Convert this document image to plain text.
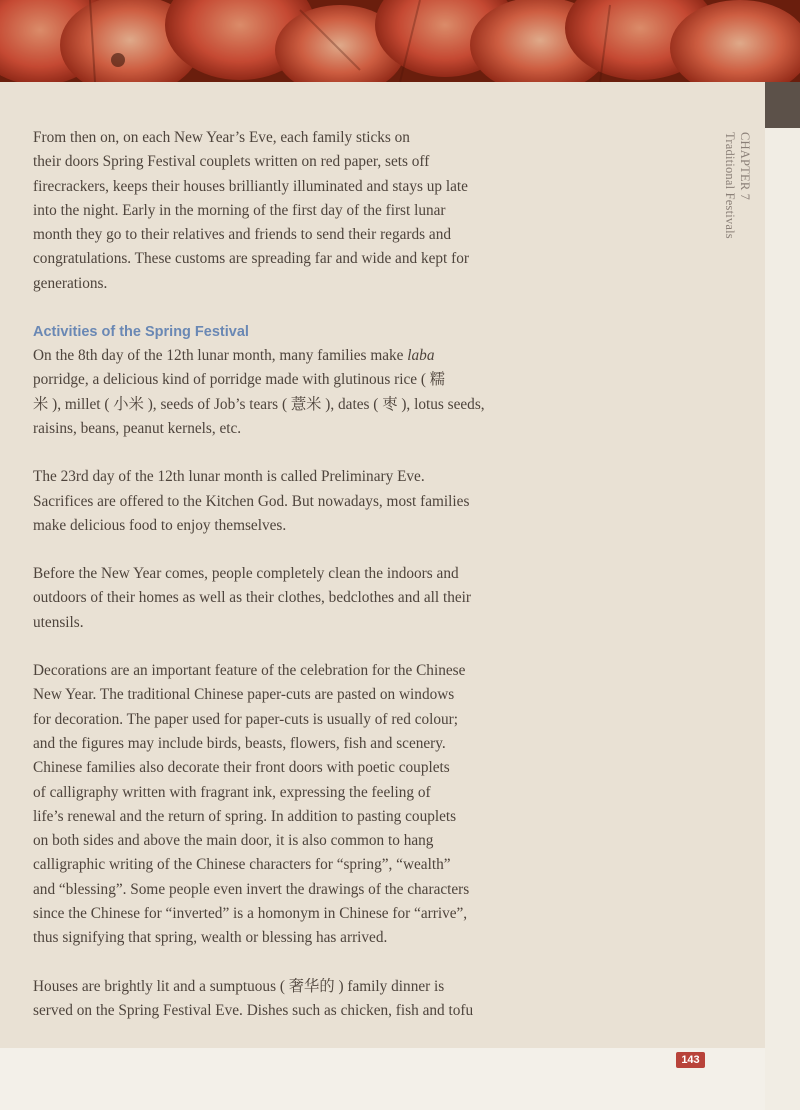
CHAPTER 7
Traditional Festivals

From then on, on each New Year’s Eve, each family sticks on
their doors Spring Festival couplets written on red paper, sets off
firecrackers, keeps their houses brilliantly illuminated and stays up late
into the night. Early in the morning of the first day of the first lunar
month they go to their relatives and friends to send their regards and
congratulations. These customs are spreading far and wide and kept for
generations.

Activities of the Spring Festival

On the 8th day of the 12th lunar month, many families make laba
porridge, a delicious kind of porridge made with glutinous rice ( 糯
米 ), millet ( 小米 ), seeds of Job’s tears ( 薏米 ), dates ( 枣 ), lotus seeds,
raisins, beans, peanut kernels, etc.

The 23rd day of the 12th lunar month is called Preliminary Eve.
Sacrifices are offered to the Kitchen God. But nowadays, most families
make delicious food to enjoy themselves.

Before the New Year comes, people completely clean the indoors and
outdoors of their homes as well as their clothes, bedclothes and all their
utensils.

Decorations are an important feature of the celebration for the Chinese
New Year. The traditional Chinese paper-cuts are pasted on windows
for decoration. The paper used for paper-cuts is usually of red colour;
and the figures may include birds, beasts, flowers, fish and scenery.
Chinese families also decorate their front doors with poetic couplets
of calligraphy written with fragrant ink, expressing the feeling of
life’s renewal and the return of spring. In addition to pasting couplets
on both sides and above the main door, it is also common to hang
calligraphic writing of the Chinese characters for “spring”, “wealth”
and “blessing”. Some people even invert the drawings of the characters
since the Chinese for “inverted” is a homonym in Chinese for “arrive”,
thus signifying that spring, wealth or blessing has arrived.

Houses are brightly lit and a sumptuous ( 奢华的 ) family dinner is
served on the Spring Festival Eve. Dishes such as chicken, fish and tofu

143
